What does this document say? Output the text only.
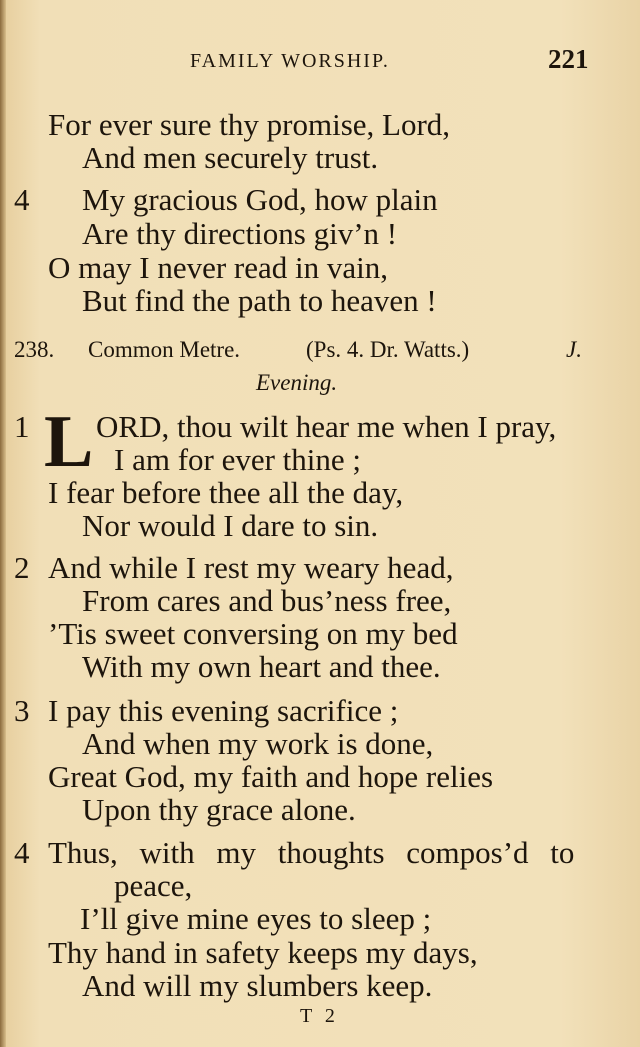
FAMILY WORSHIP.	221
For ever sure thy promise, Lord,
And men securely trust.
4 My gracious God, how plain
Are thy directions giv’n !
O may I never read in vain,
But find the path to heaven !
238. Common Metre.	(Ps. 4. Dr. Watts.)	J.
Evening.
1 L ORD, thou wilt hear me when I pray,
I am for ever thine ;
I fear before thee all the day,
Nor would I dare to sin.
2 And while I rest my weary head,
From cares and bus’ness free,
’Tis sweet conversing on my bed
With my own heart and thee.
3 I pay this evening sacrifice ;
And when my work is done,
Great God, my faith and hope relies
Upon thy grace alone.
4 Thus, with my thoughts compos’d to
peace,
I’ll give mine eyes to sleep ;
Thy hand in safety keeps my days,
And will my slumbers keep.
T 2
